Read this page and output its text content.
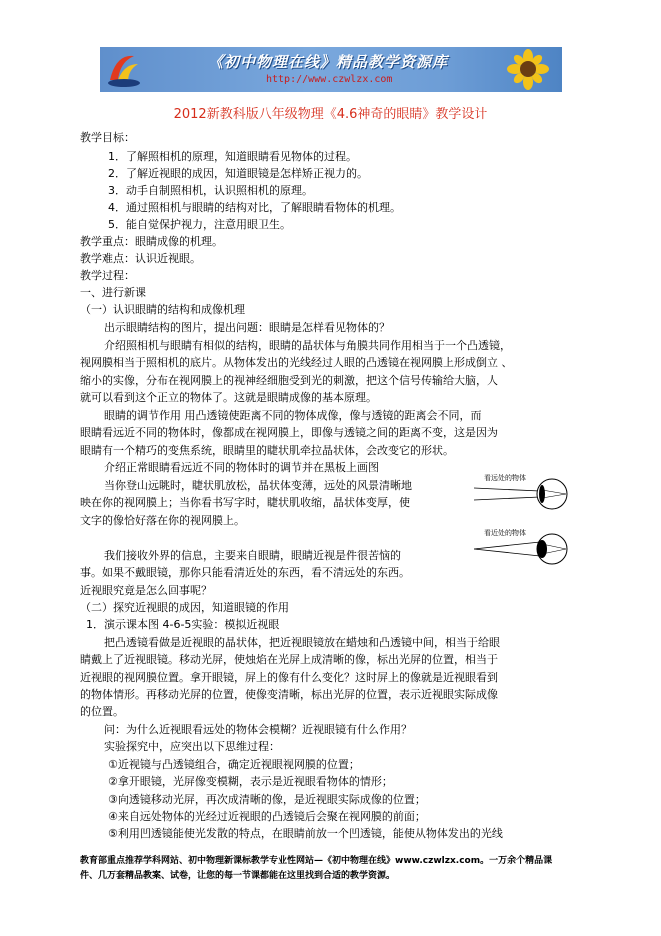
《初中物理在线》精品教学资源库
http://www.czwlzx.com
2012新教科版八年级物理《4.6神奇的眼睛》教学设计
教学目标：
1．了解照相机的原理，知道眼睛看见物体的过程。
2．了解近视眼的成因，知道眼镜是怎样矫正视力的。
3．动手自制照相机，认识照相机的原理。
4．通过照相机与眼睛的结构对比，了解眼睛看物体的机理。
5．能自觉保护视力，注意用眼卫生。
教学重点：眼睛成像的机理。
教学难点：认识近视眼。
教学过程：
一、进行新课
（一）认识眼睛的结构和成像机理
出示眼睛结构的图片，提出问题：眼睛是怎样看见物体的？
介绍照相机与眼睛有相似的结构，眼睛的晶状体与角膜共同作用相当于一个凸透镜，
视网膜相当于照相机的底片。从物体发出的光线经过人眼的凸透镜在视网膜上形成倒立 、
缩小的实像，分布在视网膜上的视神经细胞受到光的刺激，把这个信号传输给大脑，人
就可以看到这个正立的物体了。这就是眼睛成像的基本原理。
眼睛的调节作用 用凸透镜使距离不同的物体成像，像与透镜的距离会不同，而
眼睛看远近不同的物体时，像都成在视网膜上，即像与透镜之间的距离不变，这是因为
眼睛有一个精巧的变焦系统，眼睛里的睫状肌牵拉晶状体，会改变它的形状。
介绍正常眼睛看远近不同的物体时的调节并在黑板上画图
当你登山远眺时，睫状肌放松，晶状体变薄，远处的风景清晰地
映在你的视网膜上；当你看书写字时，睫状肌收缩，晶状体变厚，使
文字的像恰好落在你的视网膜上。
我们接收外界的信息，主要来自眼睛，眼睛近视是件很苦恼的
事。如果不戴眼镜，那你只能看清近处的东西，看不清远处的东西。
近视眼究竟是怎么回事呢？
（二）探究近视眼的成因，知道眼镜的作用
1．演示课本图 4-6-5实验：模拟近视眼
把凸透镜看做是近视眼的晶状体，把近视眼镜放在蜡烛和凸透镜中间，相当于给眼
睛戴上了近视眼镜。移动光屏，使烛焰在光屏上成清晰的像，标出光屏的位置，相当于
近视眼的视网膜位置。拿开眼镜，屏上的像有什么变化？这时屏上的像就是近视眼看到
的物体情形。再移动光屏的位置，使像变清晰，标出光屏的位置，表示近视眼实际成像
的位置。
问：为什么近视眼看远处的物体会模糊？近视眼镜有什么作用？
实验探究中，应突出以下思维过程：
①近视镜与凸透镜组合，确定近视眼视网膜的位置；
②拿开眼镜，光屏像变模糊，表示是近视眼看物体的情形；
③向透镜移动光屏，再次成清晰的像，是近视眼实际成像的位置；
④来自远处物体的光经过近视眼的凸透镜后会聚在视网膜的前面；
⑤利用凹透镜能使光发散的特点，在眼睛前放一个凹透镜，能使从物体发出的光线
看远处的物体
看近处的物体
教育部重点推荐学科网站、初中物理新课标教学专业性网站—《初中物理在线》www.czwlzx.com。一万余个精品课
件、几万套精品教案、试卷，让您的每一节课都能在这里找到合适的教学资源。
